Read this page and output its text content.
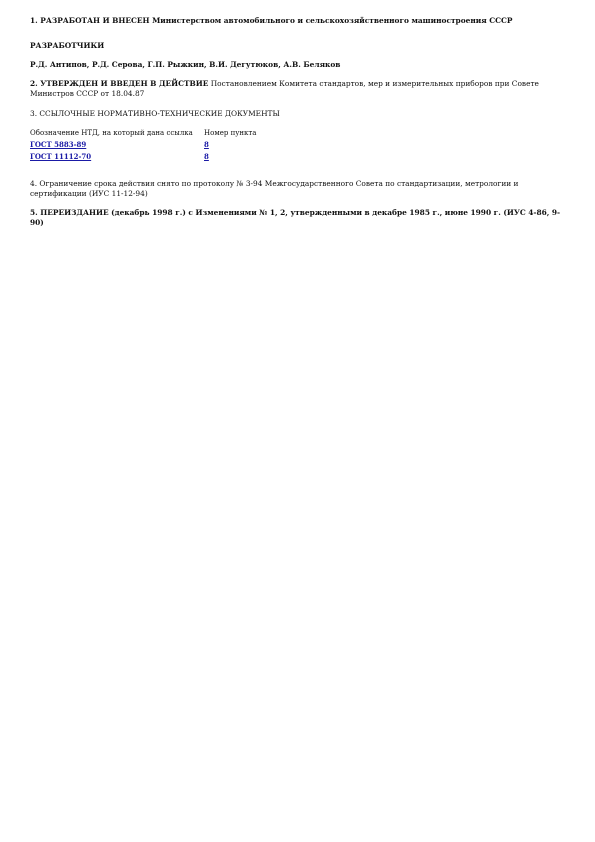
1. РАЗРАБОТАН И ВНЕСЕН Министерством автомобильного и сельскохозяйственного машиностроения СССР

РАЗРАБОТЧИКИ

Р.Д. Антипов, Р.Д. Серова, Г.П. Рыжкин, В.И. Дегутюков, А.В. Беляков

2. УТВЕРЖДЕН И ВВЕДЕН В ДЕЙСТВИЕ Постановлением Комитета стандартов, мер и измерительных приборов при Совете Министров СССР от 18.04.87

3. ССЫЛОЧНЫЕ НОРМАТИВНО-ТЕХНИЧЕСКИЕ ДОКУМЕНТЫ

Обозначение НТД, на который дана ссылка	Номер пункта
ГОСТ 5883-89	8
ГОСТ 11112-70	8

4. Ограничение срока действия снято по протоколу № 3-94 Межгосударственного Совета по стандартизации, метрологии и сертификации (ИУС 11-12-94)

5. ПЕРЕИЗДАНИЕ (декабрь 1998 г.) с Изменениями № 1, 2, утвержденными в декабре 1985 г., июне 1990 г. (ИУС 4-86, 9-90)
